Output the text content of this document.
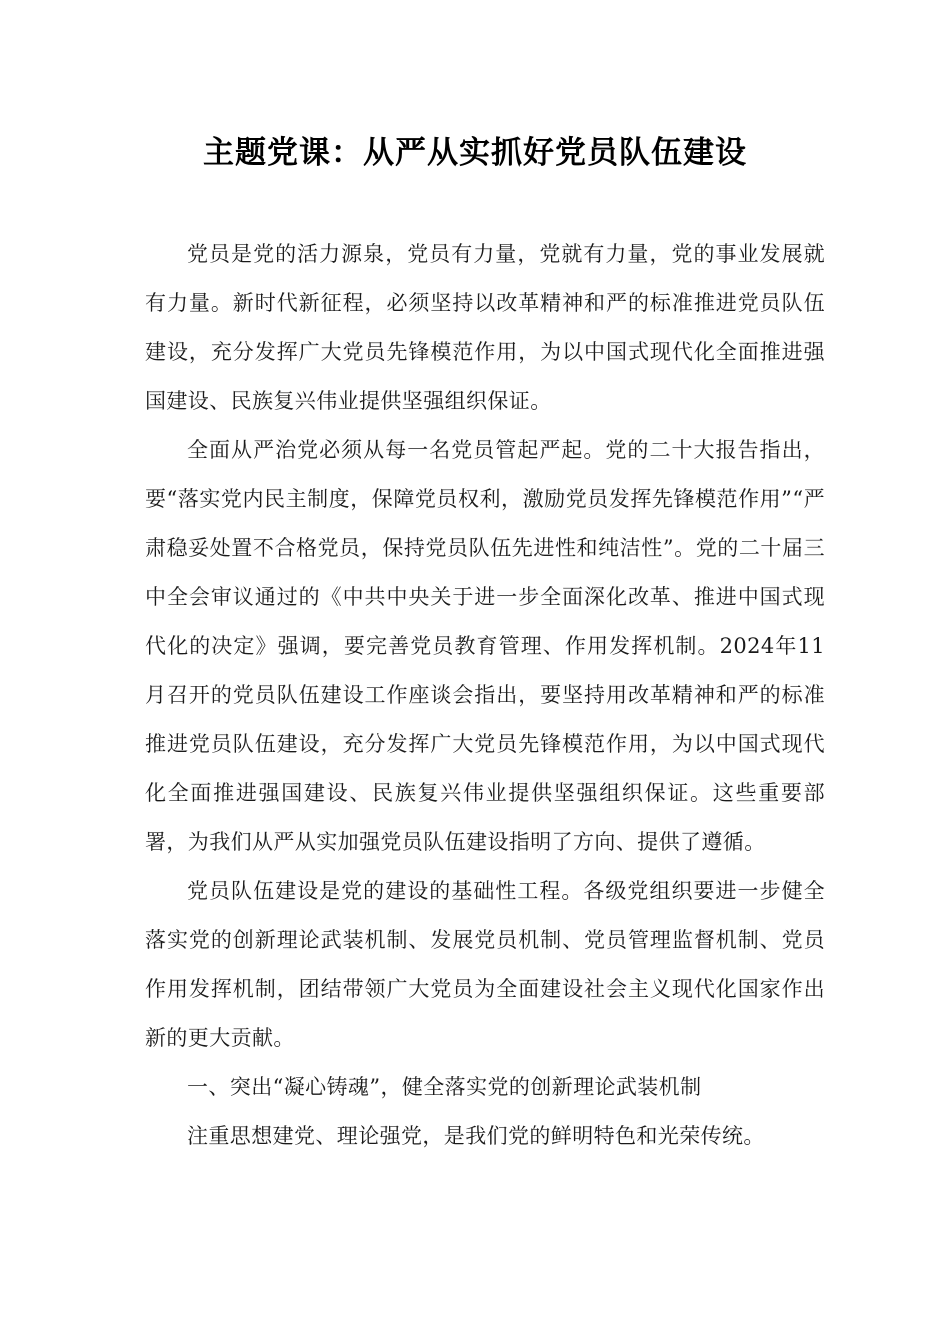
主题党课：从严从实抓好党员队伍建设

党员是党的活力源泉，党员有力量，党就有力量，党的事业发展就有力量。新时代新征程，必须坚持以改革精神和严的标准推进党员队伍建设，充分发挥广大党员先锋模范作用，为以中国式现代化全面推进强国建设、民族复兴伟业提供坚强组织保证。

全面从严治党必须从每一名党员管起严起。党的二十大报告指出，要“落实党内民主制度，保障党员权利，激励党员发挥先锋模范作用”“严肃稳妥处置不合格党员，保持党员队伍先进性和纯洁性”。党的二十届三中全会审议通过的《中共中央关于进一步全面深化改革、推进中国式现代化的决定》强调，要完善党员教育管理、作用发挥机制。2024年11月召开的党员队伍建设工作座谈会指出，要坚持用改革精神和严的标准推进党员队伍建设，充分发挥广大党员先锋模范作用，为以中国式现代化全面推进强国建设、民族复兴伟业提供坚强组织保证。这些重要部署，为我们从严从实加强党员队伍建设指明了方向、提供了遵循。

党员队伍建设是党的建设的基础性工程。各级党组织要进一步健全落实党的创新理论武装机制、发展党员机制、党员管理监督机制、党员作用发挥机制，团结带领广大党员为全面建设社会主义现代化国家作出新的更大贡献。

一、突出“凝心铸魂”，健全落实党的创新理论武装机制

注重思想建党、理论强党，是我们党的鲜明特色和光荣传统。
